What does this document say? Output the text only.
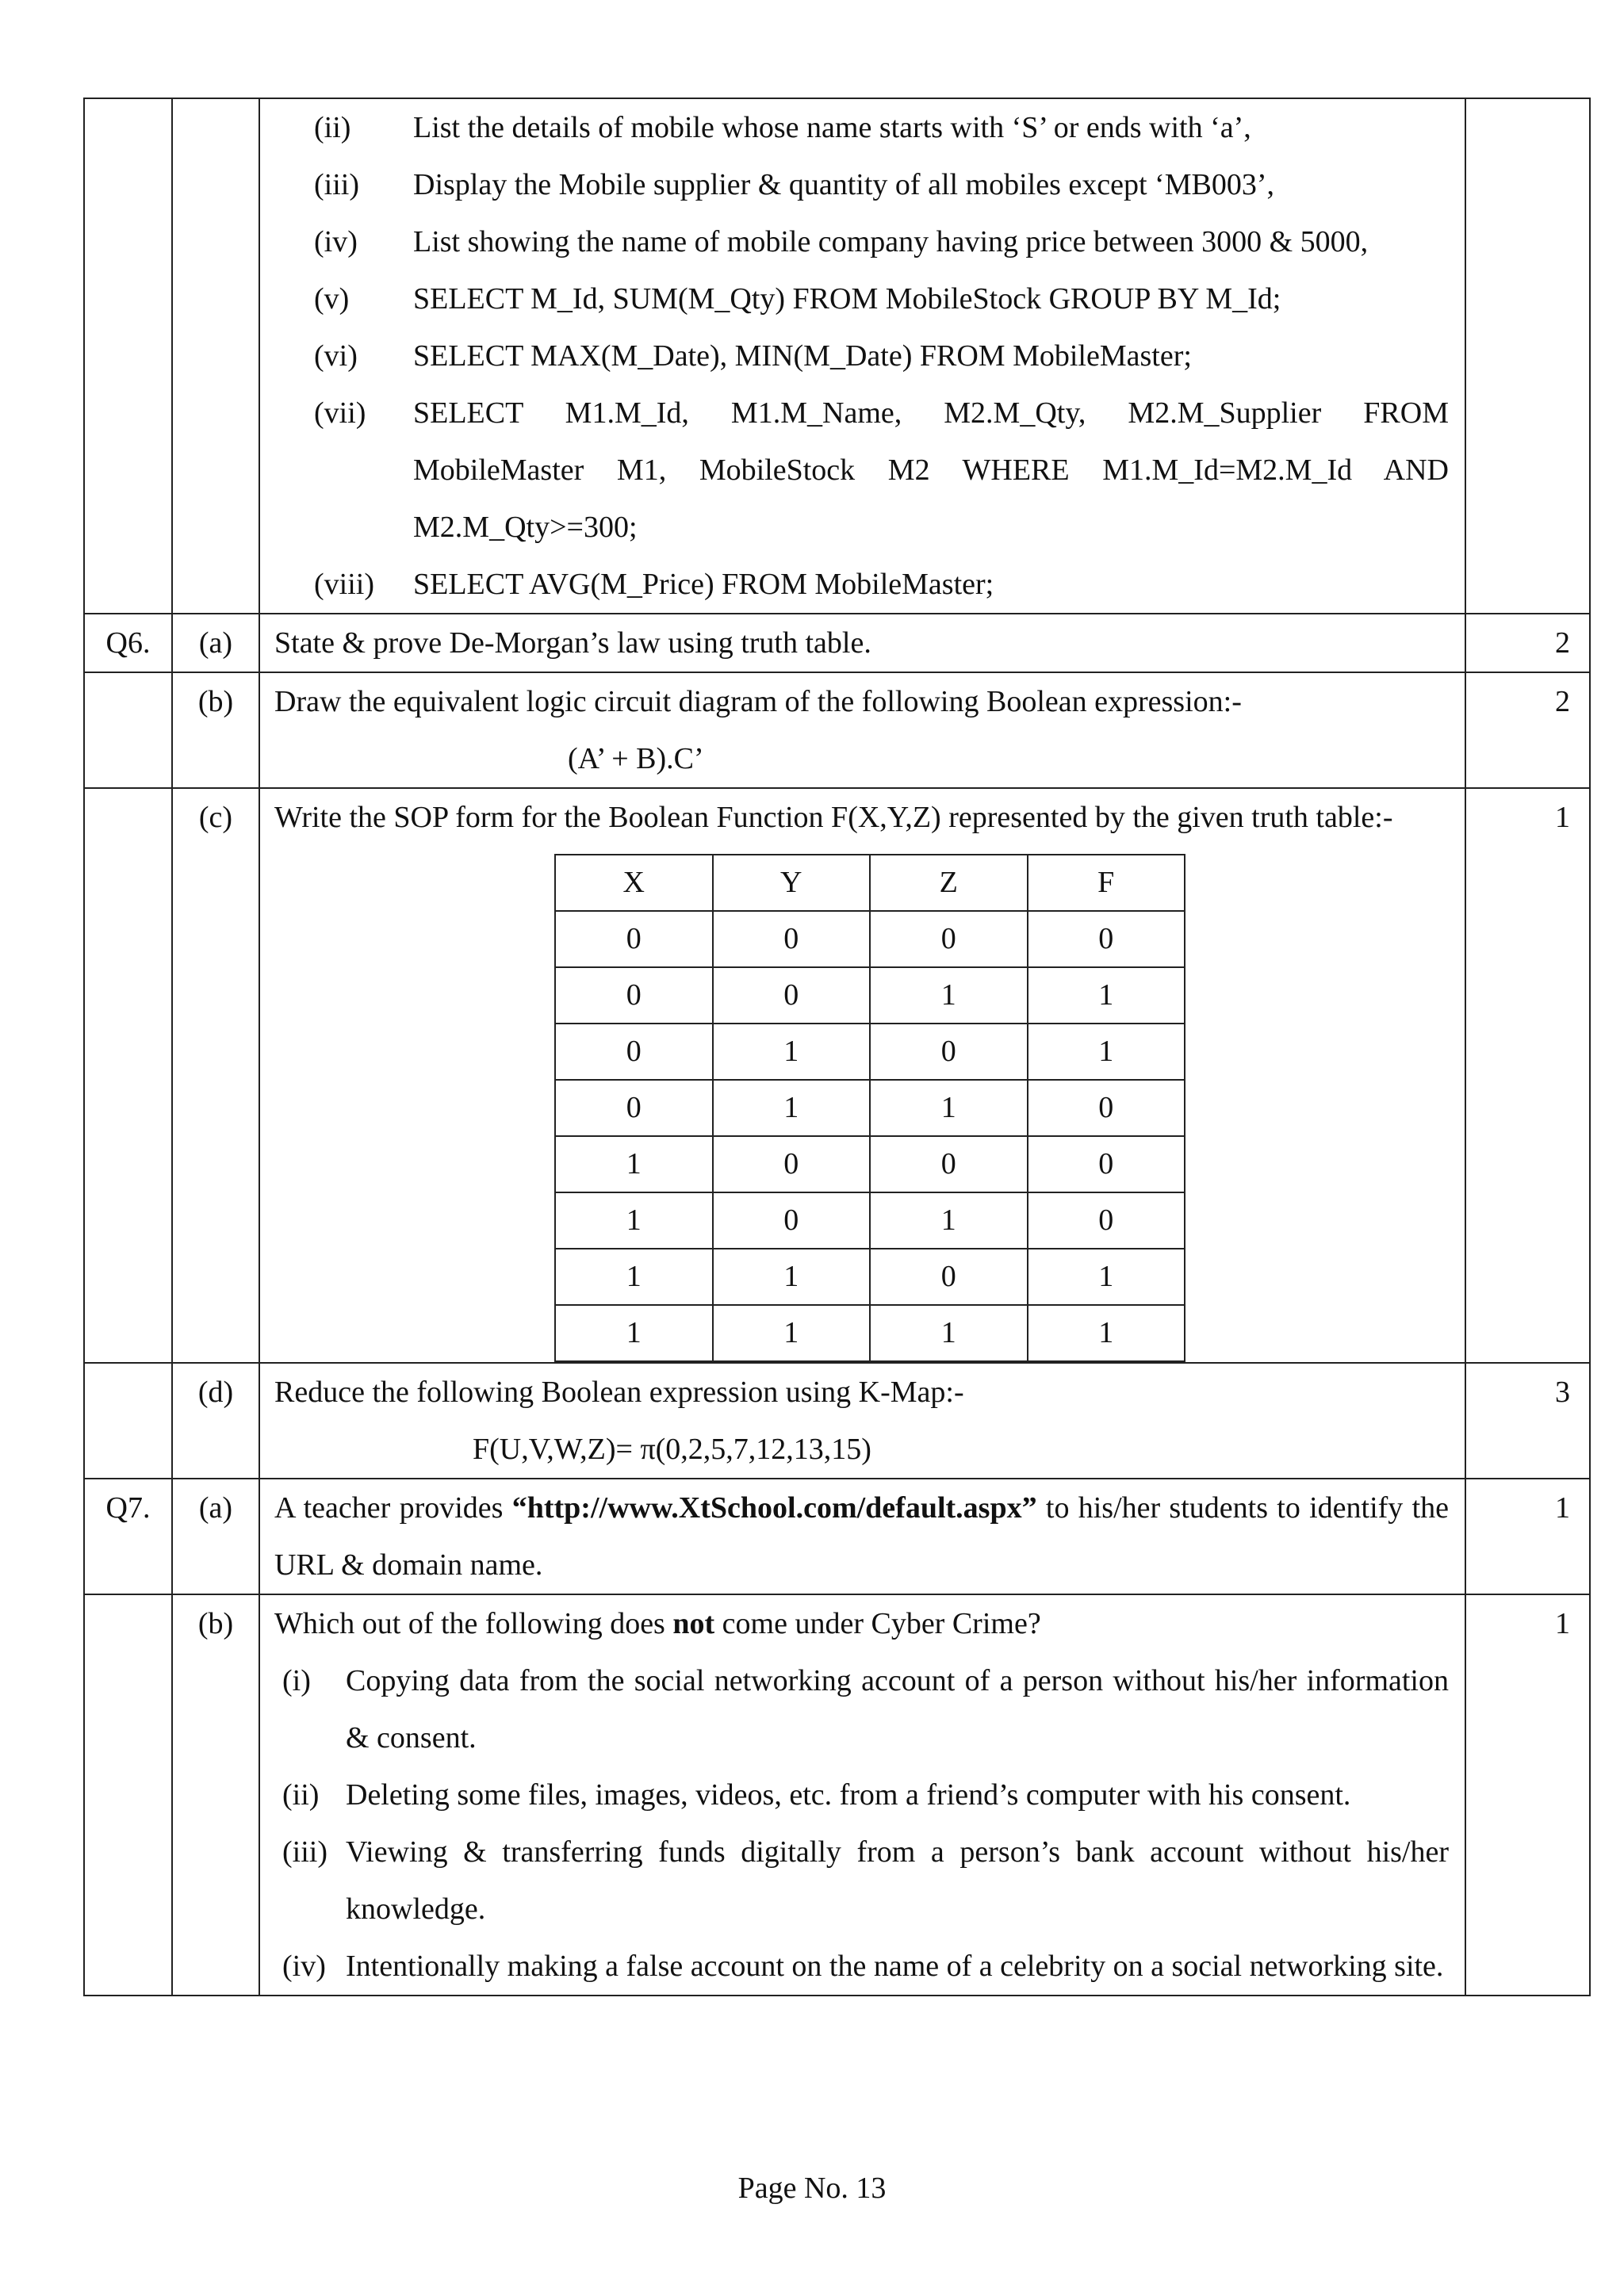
(ii)	List the details of mobile whose name starts with ‘S’ or ends with ‘a’,
(iii)	Display the Mobile supplier & quantity of all mobiles except ‘MB003’,
(iv)	List showing the name of mobile company having price between 3000 & 5000,
(v)	SELECT M_Id, SUM(M_Qty) FROM MobileStock GROUP BY M_Id;
(vi)	SELECT MAX(M_Date), MIN(M_Date) FROM MobileMaster;
(vii)	SELECT M1.M_Id, M1.M_Name, M2.M_Qty, M2.M_Supplier FROM MobileMaster M1, MobileStock M2 WHERE M1.M_Id=M2.M_Id AND M2.M_Qty>=300;
(viii)	SELECT AVG(M_Price) FROM MobileMaster;

Q6.	(a)	State & prove De-Morgan’s law using truth table.	2
	(b)	Draw the equivalent logic circuit diagram of the following Boolean expression:-
(A’ + B).C’
	2
	(c)	Write the SOP form for the Boolean Function F(X,Y,Z) represented by the given truth table:-
X	Y	Z	F
0	0	0	0
0	0	1	1
0	1	0	1
0	1	1	0
1	0	0	0
1	0	1	0
1	1	0	1
1	1	1	1
	1
	(d)	Reduce the following Boolean expression using K-Map:-
F(U,V,W,Z)= π(0,2,5,7,12,13,15)
	3
Q7.	(a)	A teacher provides “http://www.XtSchool.com/default.aspx” to his/her students to identify the URL & domain name.	1
	(b)	Which out of the following does not come under Cyber Crime?
(i)	Copying data from the social networking account of a person without his/her information & consent.
(ii) Deleting some files, images, videos, etc. from a friend’s computer with his consent.
(iii) Viewing & transferring funds digitally from a person’s bank account without his/her knowledge.
(iv) Intentionally making a false account on the name of a celebrity on a social networking site.
	1
Page No. 13
